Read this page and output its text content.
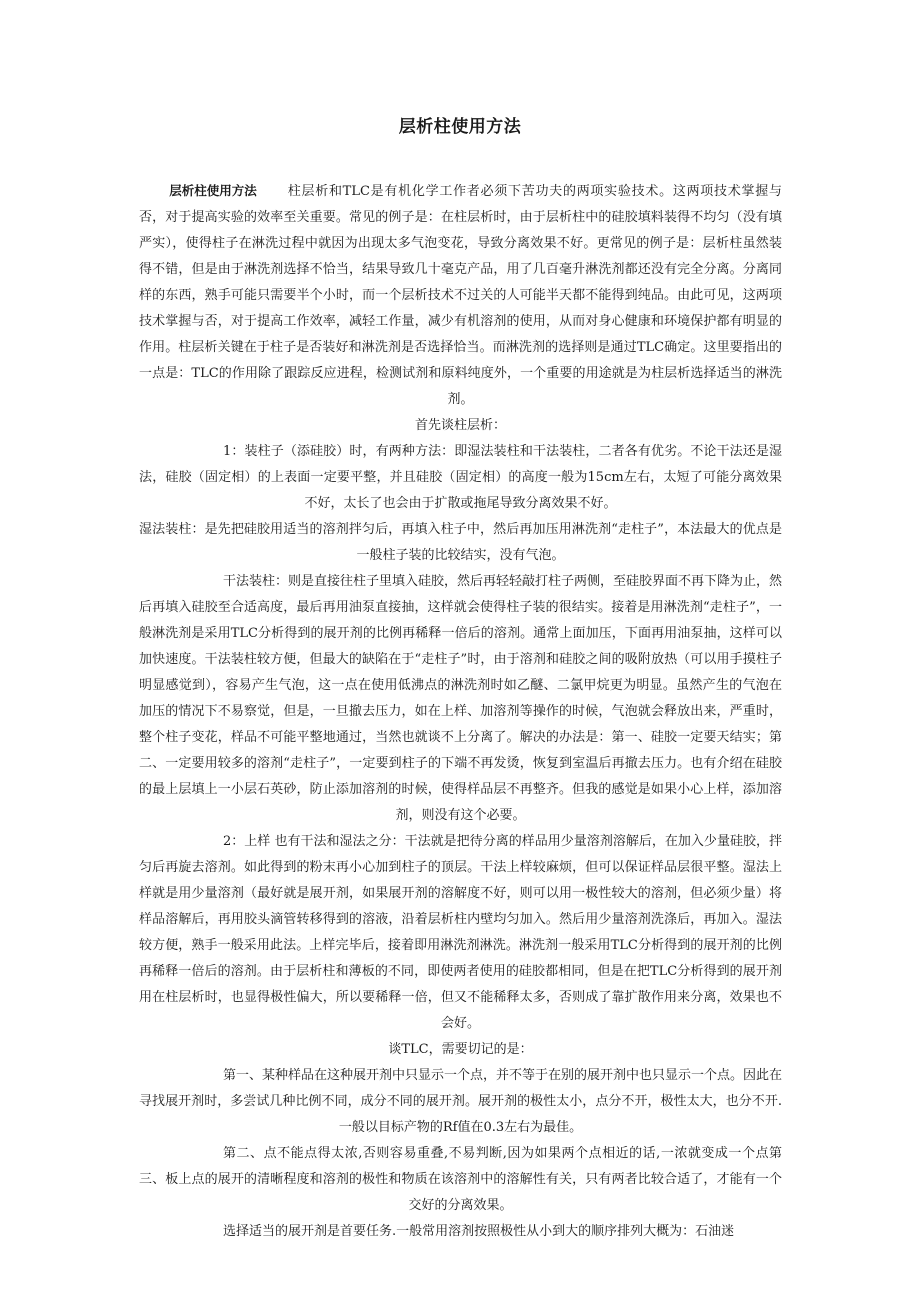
层析柱使用方法

层析柱使用方法 柱层析和TLC是有机化学工作者必须下苦功夫的两项实验技术。这两项技术掌握与否，对于提高实验的效率至关重要。常见的例子是：在柱层析时，由于层析柱中的硅胶填料装得不均匀（没有填严实），使得柱子在淋洗过程中就因为出现太多气泡变花，导致分离效果不好。更常见的例子是：层析柱虽然装得不错，但是由于淋洗剂选择不恰当，结果导致几十毫克产品，用了几百毫升淋洗剂都还没有完全分离。分离同样的东西，熟手可能只需要半个小时，而一个层析技术不过关的人可能半天都不能得到纯品。由此可见，这两项技术掌握与否，对于提高工作效率，减轻工作量，减少有机溶剂的使用，从而对身心健康和环境保护都有明显的作用。柱层析关键在于柱子是否装好和淋洗剂是否选择恰当。而淋洗剂的选择则是通过TLC确定。这里要指出的一点是：TLC的作用除了跟踪反应进程，检测试剂和原料纯度外，一个重要的用途就是为柱层析选择适当的淋洗剂。

首先谈柱层析：

1：装柱子（添硅胶）时，有两种方法：即湿法装柱和干法装柱，二者各有优劣。不论干法还是湿法，硅胶（固定相）的上表面一定要平整，并且硅胶（固定相）的高度一般为15cm左右，太短了可能分离效果不好，太长了也会由于扩散或拖尾导致分离效果不好。

湿法装柱：是先把硅胶用适当的溶剂拌匀后，再填入柱子中，然后再加压用淋洗剂“走柱子”，本法最大的优点是一般柱子装的比较结实，没有气泡。

干法装柱：则是直接往柱子里填入硅胶，然后再轻轻敲打柱子两侧，至硅胶界面不再下降为止，然后再填入硅胶至合适高度，最后再用油泵直接抽，这样就会使得柱子装的很结实。接着是用淋洗剂“走柱子”，一般淋洗剂是采用TLC分析得到的展开剂的比例再稀释一倍后的溶剂。通常上面加压，下面再用油泵抽，这样可以加快速度。干法装柱较方便，但最大的缺陷在于“走柱子”时，由于溶剂和硅胶之间的吸附放热（可以用手摸柱子明显感觉到），容易产生气泡，这一点在使用低沸点的淋洗剂时如乙醚、二氯甲烷更为明显。虽然产生的气泡在加压的情况下不易察觉，但是，一旦撤去压力，如在上样、加溶剂等操作的时候，气泡就会释放出来，严重时，整个柱子变花，样品不可能平整地通过，当然也就谈不上分离了。解决的办法是：第一、硅胶一定要天结实；第二、一定要用较多的溶剂“走柱子”，一定要到柱子的下端不再发烫，恢复到室温后再撤去压力。也有介绍在硅胶的最上层填上一小层石英砂，防止添加溶剂的时候，使得样品层不再整齐。但我的感觉是如果小心上样，添加溶剂，则没有这个必要。

2：上样 也有干法和湿法之分：干法就是把待分离的样品用少量溶剂溶解后，在加入少量硅胶，拌匀后再旋去溶剂。如此得到的粉末再小心加到柱子的顶层。干法上样较麻烦，但可以保证样品层很平整。湿法上样就是用少量溶剂（最好就是展开剂，如果展开剂的溶解度不好，则可以用一极性较大的溶剂，但必须少量）将样品溶解后，再用胶头滴管转移得到的溶液，沿着层析柱内壁均匀加入。然后用少量溶剂洗涤后，再加入。湿法较方便，熟手一般采用此法。上样完毕后，接着即用淋洗剂淋洗。淋洗剂一般采用TLC分析得到的展开剂的比例再稀释一倍后的溶剂。由于层析柱和薄板的不同，即使两者使用的硅胶都相同，但是在把TLC分析得到的展开剂用在柱层析时，也显得极性偏大，所以要稀释一倍，但又不能稀释太多，否则成了靠扩散作用来分离，效果也不会好。

谈TLC，需要切记的是：

第一、某种样品在这种展开剂中只显示一个点，并不等于在别的展开剂中也只显示一个点。因此在寻找展开剂时，多尝试几种比例不同，成分不同的展开剂。展开剂的极性太小，点分不开，极性太大，也分不开.一般以目标产物的Rf值在0.3左右为最佳。

第二、点不能点得太浓,否则容易重叠,不易判断,因为如果两个点相近的话,一浓就变成一个点第三、板上点的展开的清晰程度和溶剂的极性和物质在该溶剂中的溶解性有关，只有两者比较合适了，才能有一个交好的分离效果。

选择适当的展开剂是首要任务.一般常用溶剂按照极性从小到大的顺序排列大概为：石油迷
